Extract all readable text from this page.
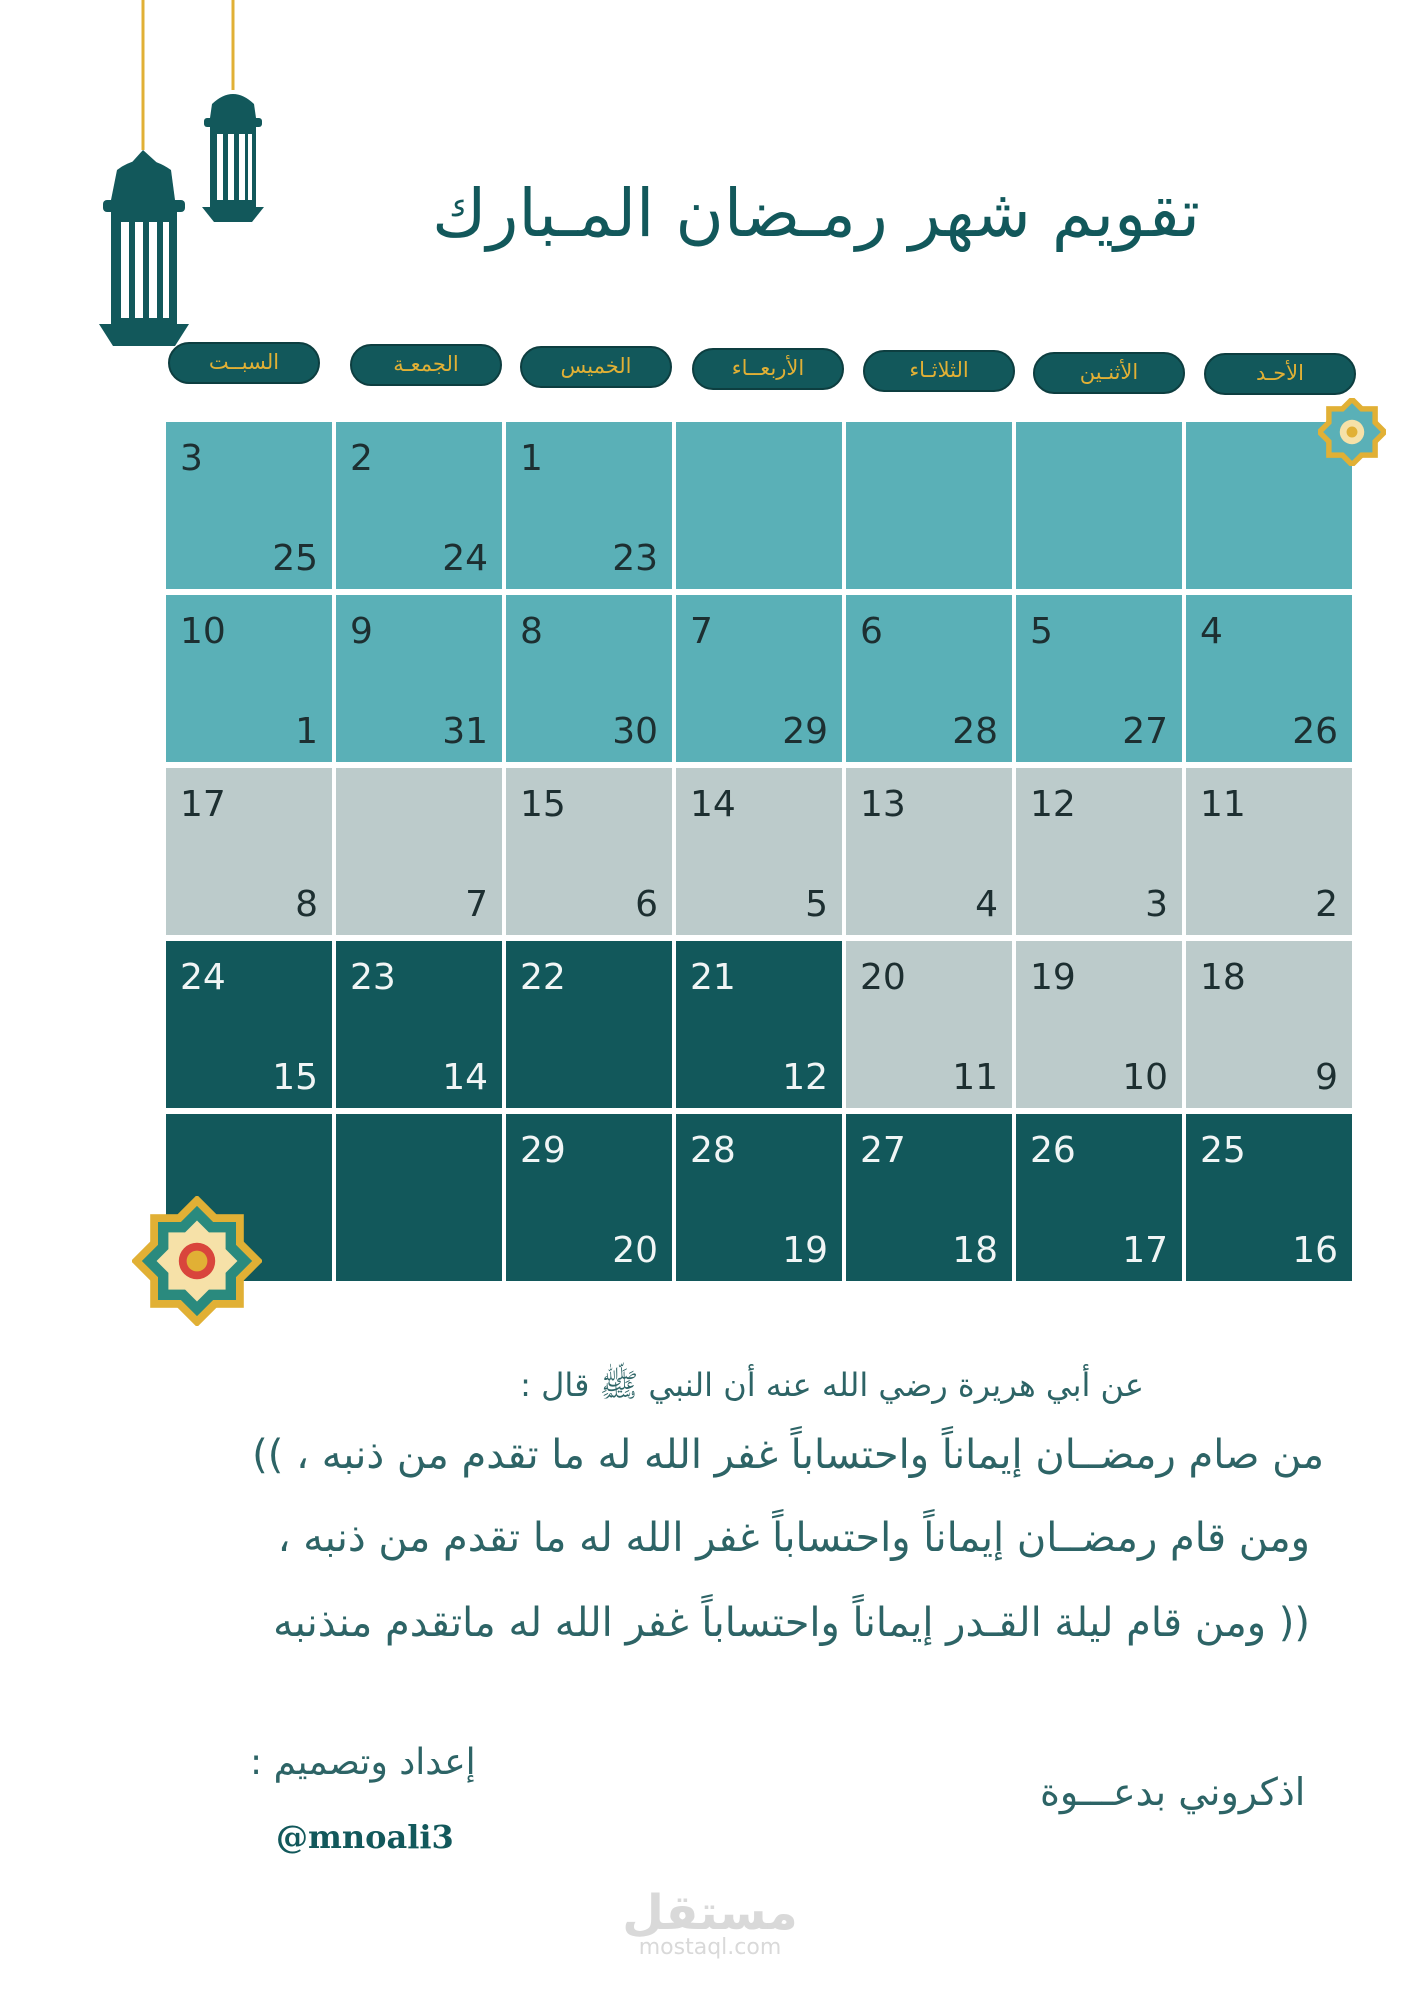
تقويم شهر رمـضان المـبارك
الأحـد
الأثنـين
الثلاثـاء
الأربعــاء
الخميس
الجمعـة
السبــت
3
25
2
24
1
23
10
1
9
31
8
30
7
29
6
28
5
27
4
26
17
8	7
15
6
14
5
13
4
12
3
11
2
24
15
23
14
22	21
12
20
11
19
10
18
9
29
20
28
19
27
18
26
17
25
16
عن أبي هريرة رضي الله عنه أن النبي ﷺ قال :
من صام رمضــان إيماناً واحتساباً غفر الله له ما تقدم من ذنبه ، ))
ومن قام رمضــان إيماناً واحتساباً غفر الله له ما تقدم من ذنبه ،
(( ومن قام ليلة القـدر إيماناً واحتساباً غفر الله له ماتقدم منذنبه
إعداد وتصميم :
@mnoali3
اذكروني بدعـــوة
مستقل
mostaql.com
